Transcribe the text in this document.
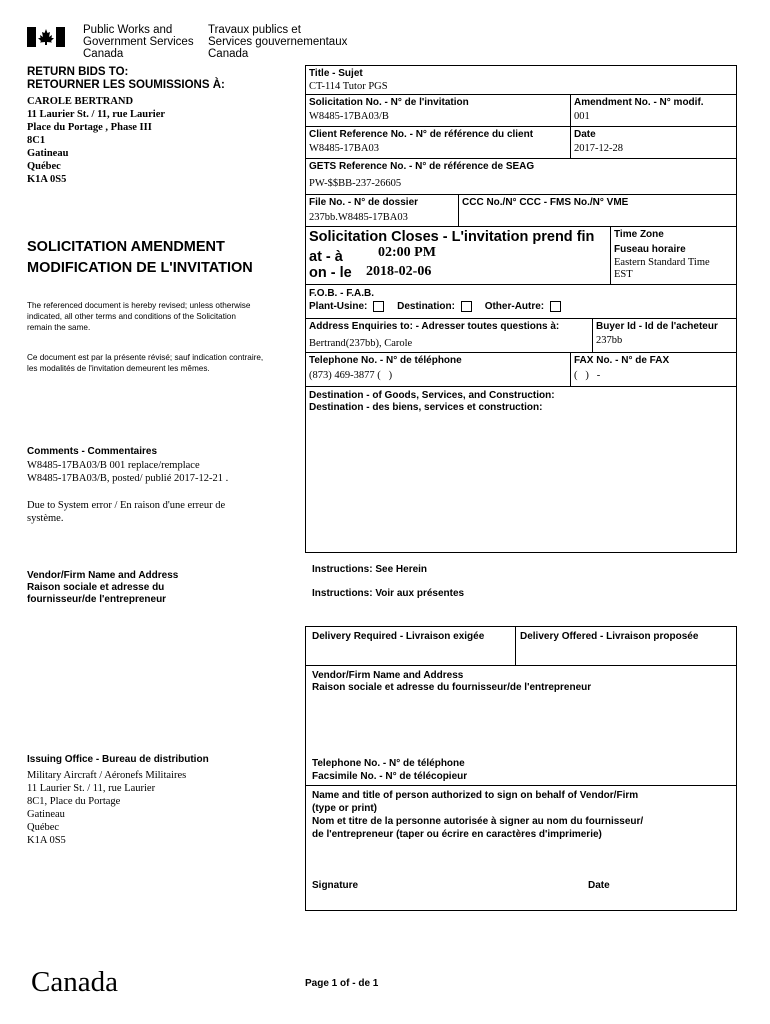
Public Works and
Government Services
Canada
Travaux publics et
Services gouvernementaux
Canada
RETURN BIDS TO:
RETOURNER LES SOUMISSIONS À:
CAROLE BERTRAND
11 Laurier St. / 11, rue Laurier
Place du Portage , Phase III
8C1
Gatineau
Québec
K1A 0S5
SOLICITATION AMENDMENT
MODIFICATION DE L'INVITATION
The referenced document is hereby revised; unless otherwise
indicated, all other terms and conditions of the Solicitation
remain the same.
Ce document est par la présente révisé; sauf indication contraire,
les modalités de l'invitation demeurent les mêmes.
Comments - Commentaires
W8485-17BA03/B 001 replace/remplace
W8485-17BA03/B, posted/ publié 2017-12-21 .
Due to System error / En raison d'une erreur de
système.
Vendor/Firm Name and Address
Raison sociale et adresse du
fournisseur/de l'entrepreneur
Issuing Office - Bureau de distribution
Military Aircraft / Aéronefs Militaires
11 Laurier St. / 11, rue Laurier
8C1, Place du Portage
Gatineau
Québec
K1A 0S5
Title - Sujet
CT-114 Tutor PGS
Solicitation No. - N° de l'invitation
W8485-17BA03/B
Amendment No. - N° modif.
001
Client Reference No. - N° de référence du client
W8485-17BA03
Date
2017-12-28
GETS Reference No. - N° de référence de SEAG
PW-$$BB-237-26605
File No. - N° de dossier
237bb.W8485-17BA03
CCC No./N° CCC - FMS No./N° VME
Solicitation Closes - L'invitation prend fin
at - à	02:00 PM
on - le 2018-02-06
Time Zone
Fuseau horaire
Eastern Standard Time
EST
F.O.B. - F.A.B.
Plant-Usine:	Destination:	Other-Autre:
Address Enquiries to: - Adresser toutes questions à:
Bertrand(237bb), Carole
Buyer Id - Id de l'acheteur
237bb
Telephone No. - N° de téléphone
(873) 469-3877 (   )
FAX No. - N° de FAX
(   )   -
Destination - of Goods, Services, and Construction:
Destination - des biens, services et construction:
Instructions: See Herein
Instructions: Voir aux présentes
Delivery Required - Livraison exigée	Delivery Offered - Livraison proposée
Vendor/Firm Name and Address
Raison sociale et adresse du fournisseur/de l'entrepreneur
Telephone No. - N° de téléphone
Facsimile No. - N° de télécopieur
Name and title of person authorized to sign on behalf of Vendor/Firm
(type or print)
Nom et titre de la personne autorisée à signer au nom du fournisseur/
de l'entrepreneur (taper ou écrire en caractères d'imprimerie)
Signature	Date
Canada	Page 1 of - de 1
